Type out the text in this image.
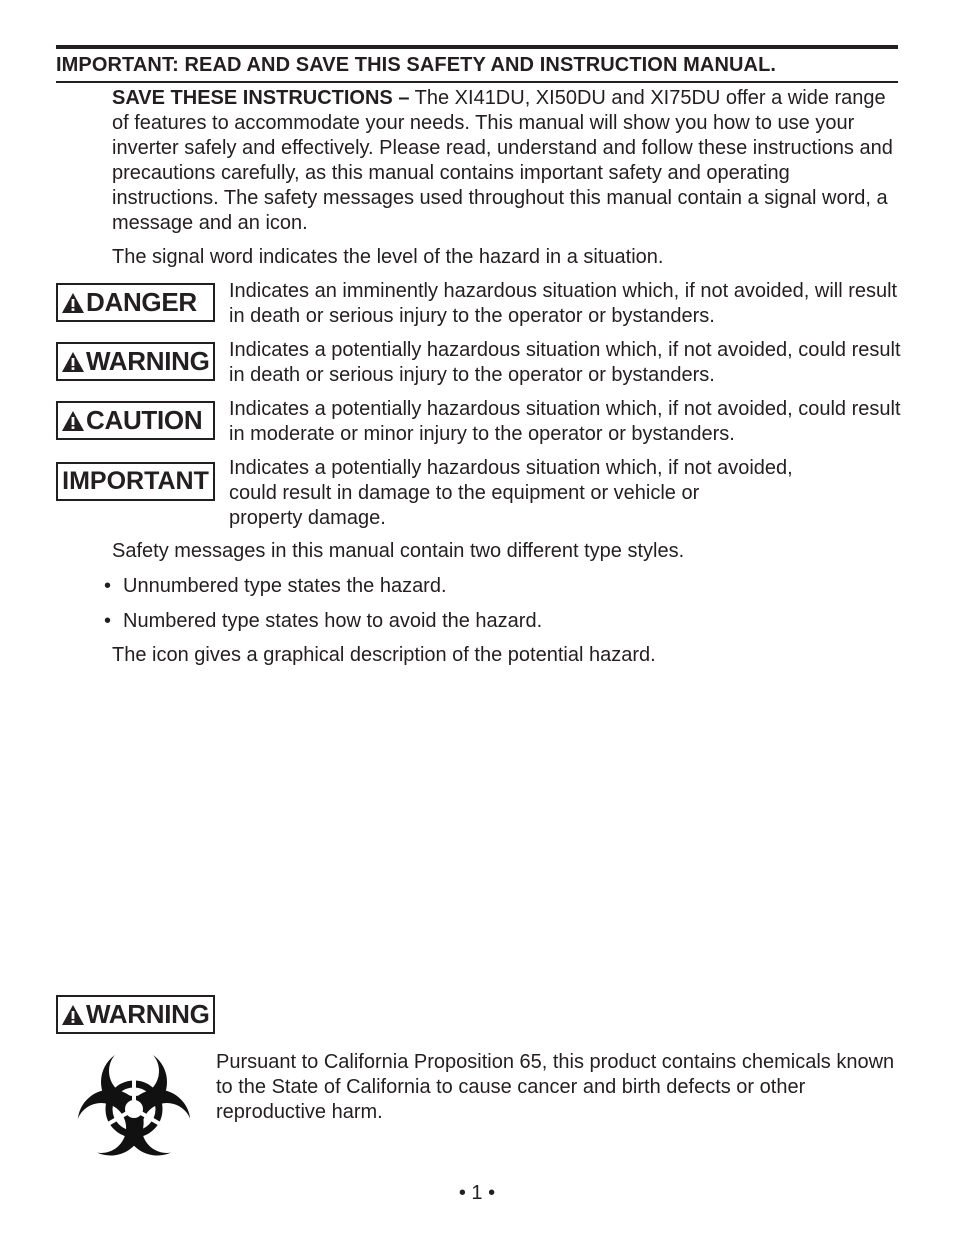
IMPORTANT: READ AND SAVE THIS SAFETY AND INSTRUCTION MANUAL.
SAVE THESE INSTRUCTIONS – The XI41DU, XI50DU and XI75DU offer a wide range of features to accommodate your needs. This manual will show you how to use your inverter safely and effectively. Please read, understand and follow these instructions and precautions carefully, as this manual contains important safety and operating instructions. The safety messages used throughout this manual contain a signal word, a message and an icon.
The signal word indicates the level of the hazard in a situation.
DANGER Indicates an imminently hazardous situation which, if not avoided, will result in death or serious injury to the operator or bystanders.
WARNING Indicates a potentially hazardous situation which, if not avoided, could result in death or serious injury to the operator or bystanders.
CAUTION Indicates a potentially hazardous situation which, if not avoided, could result in moderate or minor injury to the operator or bystanders.
IMPORTANT Indicates a potentially hazardous situation which, if not avoided,
could result in damage to the equipment or vehicle or
property damage.
Safety messages in this manual contain two different type styles.
• Unnumbered type states the hazard.
• Numbered type states how to avoid the hazard.
The icon gives a graphical description of the potential hazard.
WARNING
Pursuant to California Proposition 65, this product contains chemicals known to the State of California to cause cancer and birth defects or other reproductive harm.
• 1 •
